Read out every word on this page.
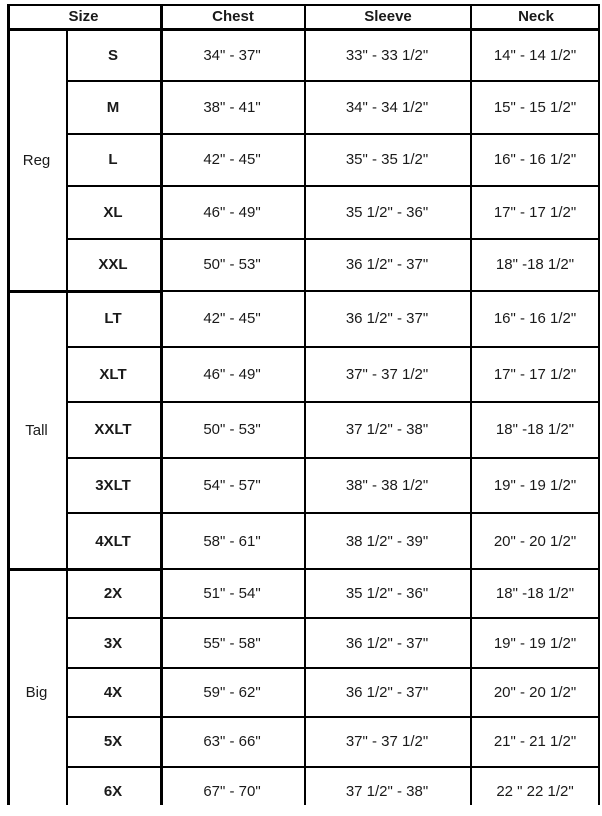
Size	Chest	Sleeve	Neck
Reg
S	34" - 37"	33" - 33 1/2"	14" - 14 1/2"
M	38" - 41"	34" - 34 1/2"	15" - 15 1/2"
L	42" - 45"	35" - 35 1/2"	16" - 16 1/2"
XL	46" - 49"	35 1/2" - 36"	17" - 17 1/2"
XXL	50" - 53"	36 1/2" - 37"	18" -18 1/2"
Tall
LT	42" - 45"	36 1/2" - 37"	16" - 16 1/2"
XLT	46" - 49"	37" - 37 1/2"	17" - 17 1/2"
XXLT	50" - 53"	37 1/2" - 38"	18" -18 1/2"
3XLT	54" - 57"	38" - 38 1/2"	19" - 19 1/2"
4XLT	58" - 61"	38 1/2" - 39"	20" - 20 1/2"
Big
2X	51" - 54"	35 1/2" - 36"	18" -18 1/2"
3X	55" - 58"	36 1/2" - 37"	19" - 19 1/2"
4X	59" - 62"	36 1/2" - 37"	20" - 20 1/2"
5X	63" - 66"	37" - 37 1/2"	21" - 21 1/2"
6X	67" - 70"	37 1/2" - 38"	22 " 22 1/2"
